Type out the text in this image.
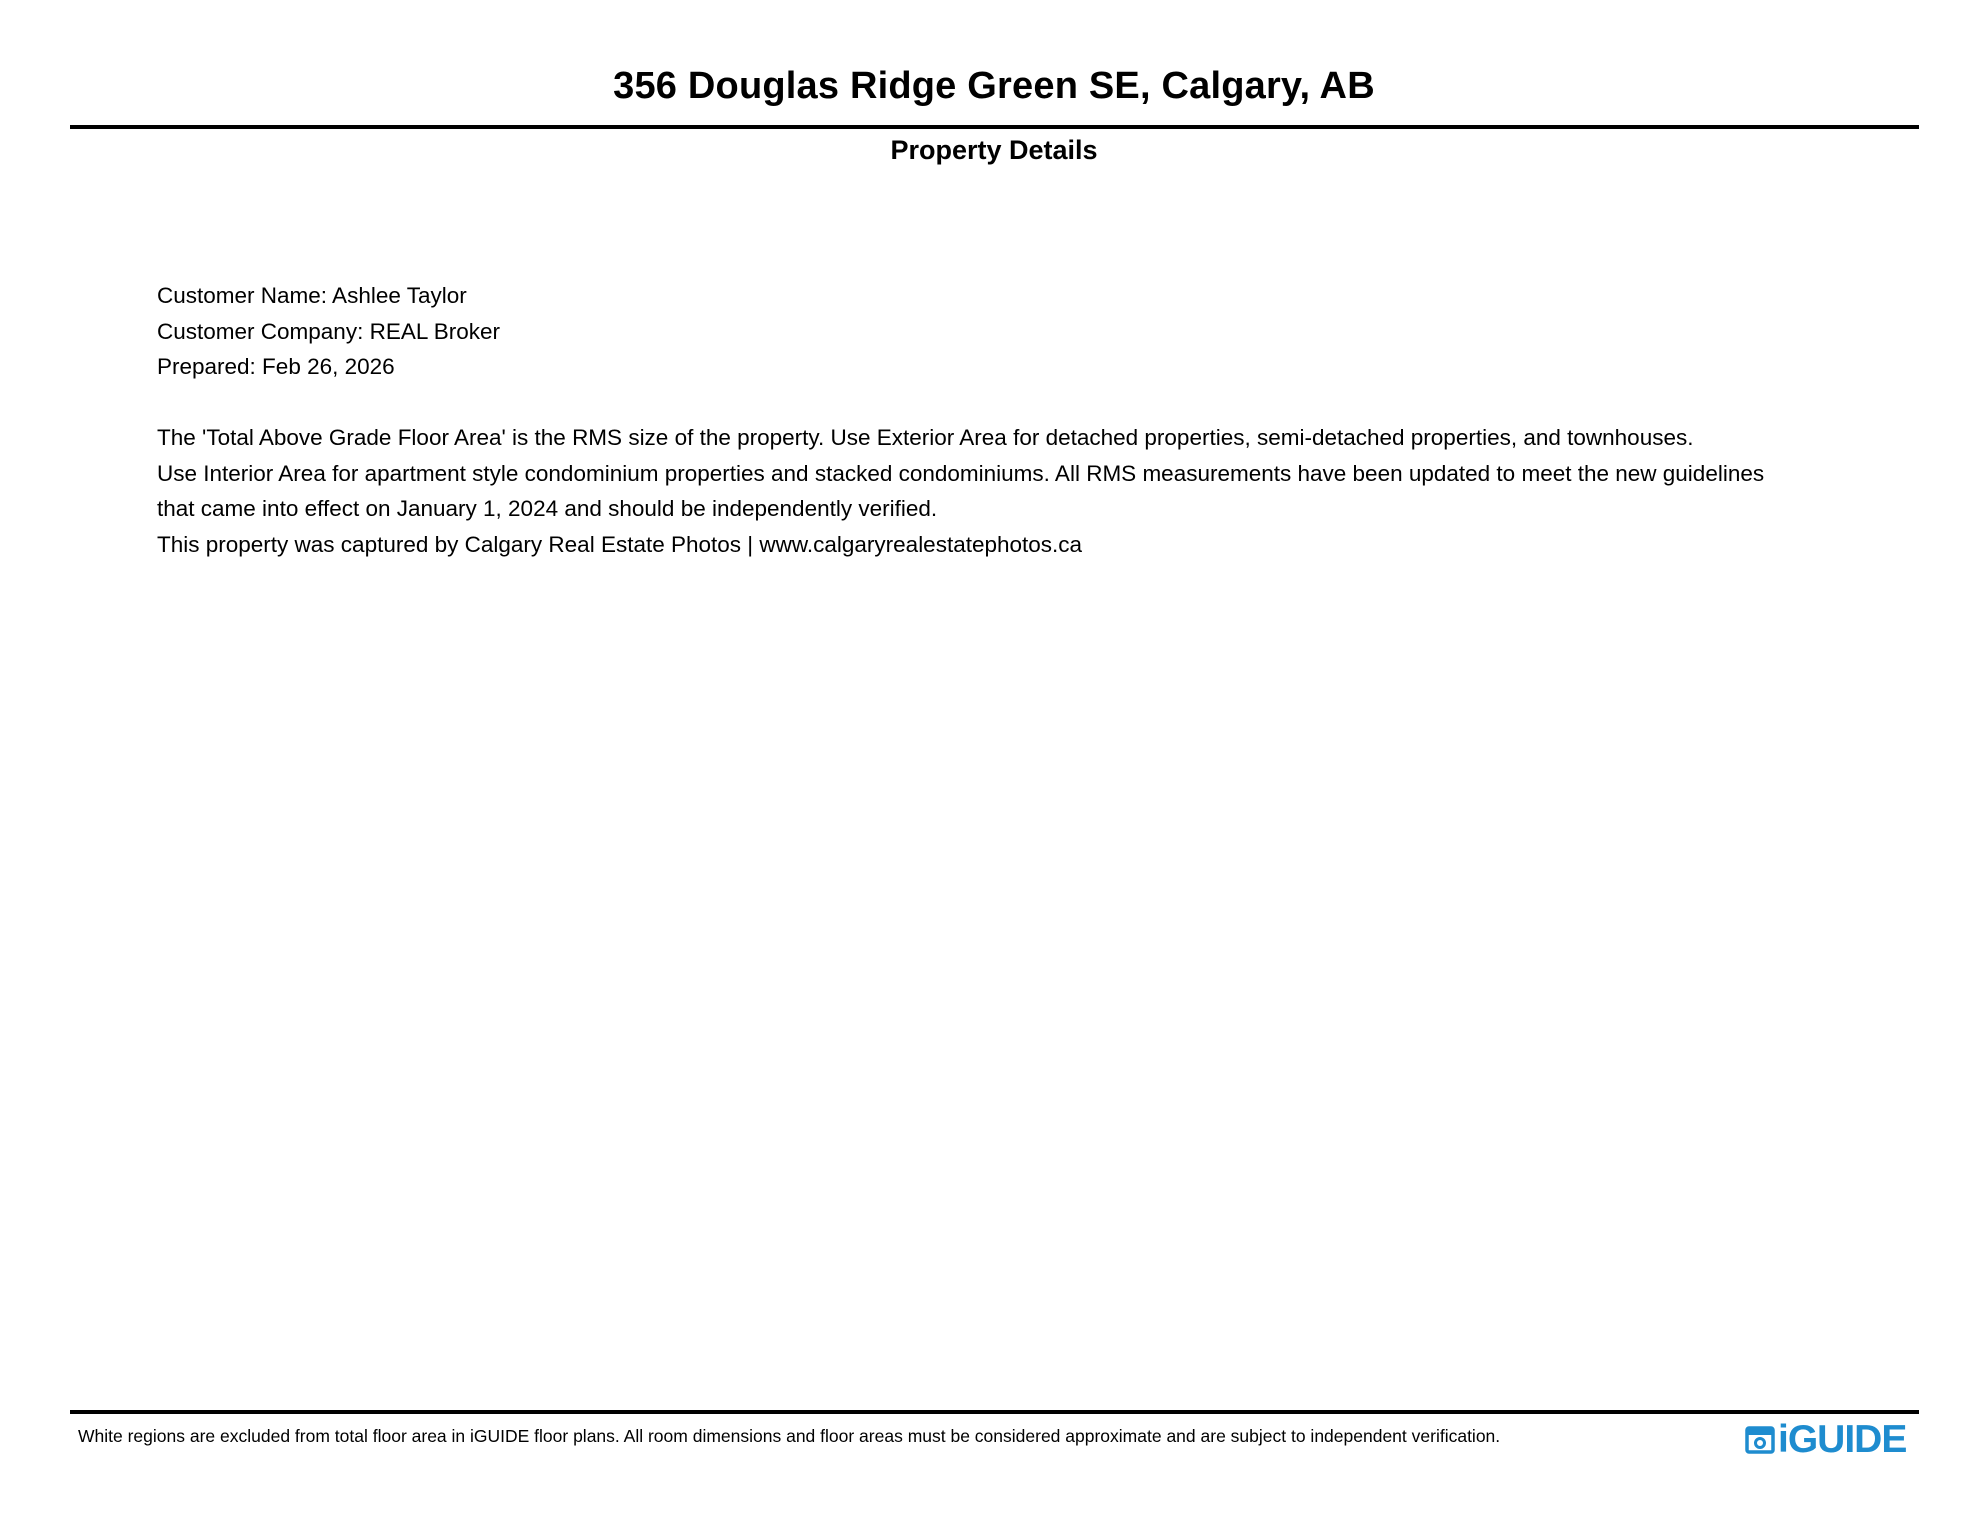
356 Douglas Ridge Green SE, Calgary, AB
Property Details
Customer Name: Ashlee Taylor
Customer Company: REAL Broker
Prepared: Feb 26, 2026
The 'Total Above Grade Floor Area' is the RMS size of the property. Use Exterior Area for detached properties, semi-detached properties, and townhouses.
Use Interior Area for apartment style condominium properties and stacked condominiums. All RMS measurements have been updated to meet the new guidelines
that came into effect on January 1, 2024 and should be independently verified.
This property was captured by Calgary Real Estate Photos | www.calgaryrealestatephotos.ca
White regions are excluded from total floor area in iGUIDE floor plans. All room dimensions and floor areas must be considered approximate and are subject to independent verification.	iGUIDE
